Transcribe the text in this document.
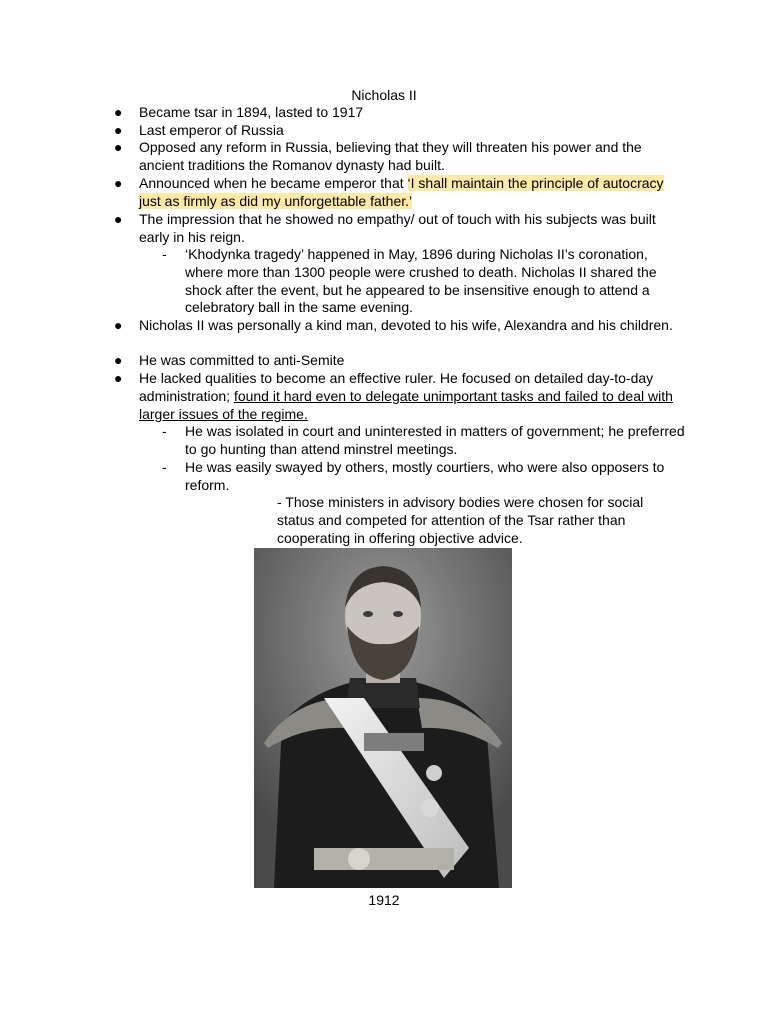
Nicholas II
● Became tsar in 1894, lasted to 1917
● Last emperor of Russia
● Opposed any reform in Russia, believing that they will threaten his power and the ancient traditions the Romanov dynasty had built.
● Announced when he became emperor that ‘I shall maintain the principle of autocracy just as firmly as did my unforgettable father.’
● The impression that he showed no empathy/ out of touch with his subjects was built early in his reign.
- ‘Khodynka tragedy’ happened in May, 1896 during Nicholas II’s coronation, where more than 1300 people were crushed to death. Nicholas II shared the shock after the event, but he appeared to be insensitive enough to attend a celebratory ball in the same evening.
● Nicholas II was personally a kind man, devoted to his wife, Alexandra and his children.
● He was committed to anti-Semite
● He lacked qualities to become an effective ruler. He focused on detailed day-to-day administration; found it hard even to delegate unimportant tasks and failed to deal with larger issues of the regime.
- He was isolated in court and uninterested in matters of government; he preferred to go hunting than attend minstrel meetings.
- He was easily swayed by others, mostly courtiers, who were also opposers to reform.
- Those ministers in advisory bodies were chosen for social status and competed for attention of the Tsar rather than cooperating in offering objective advice.
1912
